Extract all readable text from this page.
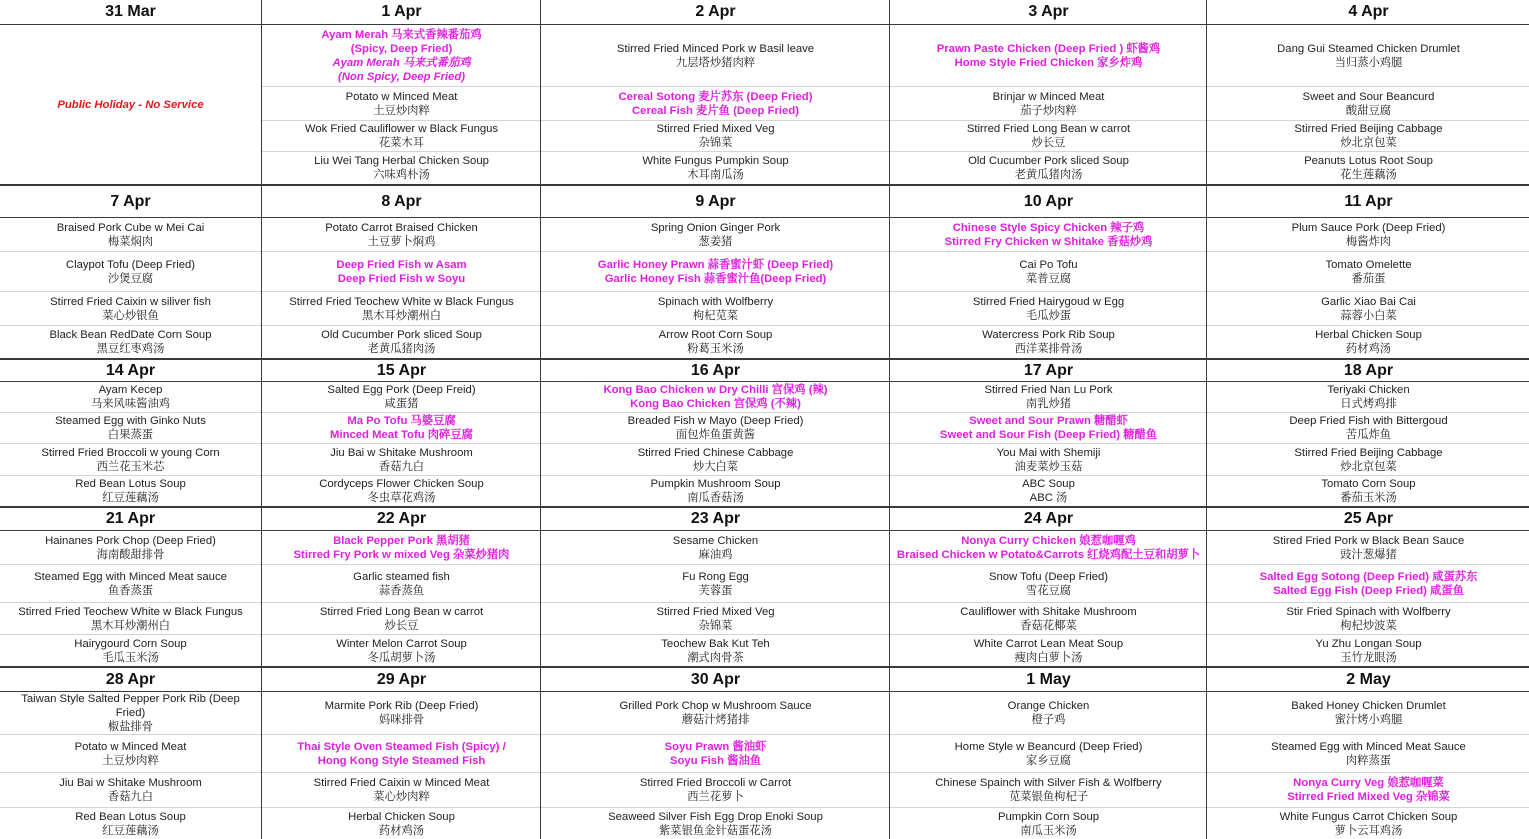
31 Mar
Public Holiday - No Service
7 Apr
Braised Pork Cube w Mei Cai
梅菜焖肉
Claypot Tofu (Deep Fried)
沙煲豆腐
Stirred Fried Caixin w siliver fish
菜心炒银鱼
Black Bean RedDate Corn Soup
黑豆红枣鸡汤
14 Apr
Ayam Kecep
马来风味酱油鸡
Steamed Egg with Ginko Nuts
白果蒸蛋
Stirred Fried Broccoli w young Corn
西兰花玉米芯
Red Bean Lotus Soup
红豆莲藕汤
21 Apr
Hainanes Pork Chop (Deep Fried)
海南酸甜排骨
Steamed Egg with Minced Meat sauce
鱼香蒸蛋
Stirred Fried Teochew White w Black Fungus
黑木耳炒潮州白
Hairygourd Corn Soup
毛瓜玉米汤
28 Apr
Taiwan Style Salted Pepper Pork Rib (Deep
Fried)
椒盐排骨
Potato w Minced Meat
土豆炒肉粹
Jiu Bai w Shitake Mushroom
香菇九白
Red Bean Lotus Soup
红豆莲藕汤
1 Apr
Ayam Merah 马来式香辣番茄鸡
(Spicy, Deep Fried)
Ayam Merah 马来式番茄鸡
(Non Spicy, Deep Fried)
Potato w Minced Meat
土豆炒肉粹
Wok Fried Cauliflower w Black Fungus
花菜木耳
Liu Wei Tang Herbal Chicken Soup
六味鸡朴汤
8 Apr
Potato Carrot Braised Chicken
土豆萝卜焖鸡
Deep Fried Fish w Asam
Deep Fried Fish w Soyu
Stirred Fried Teochew White w Black Fungus
黑木耳炒潮州白
Old Cucumber Pork sliced Soup
老黄瓜猪肉汤
15 Apr
Salted Egg Pork (Deep Freid)
咸蛋猪
Ma Po Tofu 马婆豆腐
Minced Meat Tofu 肉碎豆腐
Jiu Bai w Shitake Mushroom
香菇九白
Cordyceps Flower Chicken Soup
冬虫草花鸡汤
22 Apr
Black Pepper Pork 黑胡猪
Stirred Fry Pork w mixed Veg 杂菜炒猪肉
Garlic steamed fish
蒜香蒸鱼
Stirred Fried Long Bean w carrot
炒长豆
Winter Melon Carrot Soup
冬瓜胡萝卜汤
29 Apr
Marmite Pork Rib (Deep Fried)
妈咪排骨
Thai Style Oven Steamed Fish (Spicy) /
Hong Kong Style Steamed Fish
Stirred Fried Caixin w Minced Meat
菜心炒肉粹
Herbal Chicken Soup
药材鸡汤
2 Apr
Stirred Fried Minced Pork w Basil leave
九层塔炒猪肉粹
Cereal Sotong 麦片苏东 (Deep Fried)
Cereal Fish 麦片鱼 (Deep Fried)
Stirred Fried Mixed Veg
杂锦菜
White Fungus Pumpkin Soup
木耳南瓜汤
9 Apr
Spring Onion Ginger Pork
葱姜猪
Garlic Honey Prawn 蒜香蜜汁虾 (Deep Fried)
Garlic Honey Fish 蒜香蜜汁鱼(Deep Fried)
Spinach with Wolfberry
枸杞苋菜
Arrow Root Corn Soup
粉葛玉米汤
16 Apr
Kong Bao Chicken w Dry Chilli 宫保鸡 (辣)
Kong Bao Chicken 宫保鸡 (不辣)
Breaded Fish w Mayo (Deep Fried)
面包炸鱼蛋黄酱
Stirred Fried Chinese Cabbage
炒大白菜
Pumpkin Mushroom Soup
南瓜香菇汤
23 Apr
Sesame Chicken
麻油鸡
Fu Rong Egg
芙蓉蛋
Stirred Fried Mixed Veg
杂锦菜
Teochew Bak Kut Teh
潮式肉骨茶
30 Apr
Grilled Pork Chop w Mushroom Sauce
蘑菇汁烤猪排
Soyu Prawn 酱油虾
Soyu Fish 酱油鱼
Stirred Fried Broccoli w Carrot
西兰花萝卜
Seaweed Silver Fish Egg Drop Enoki Soup
紫菜银鱼金针菇蛋花汤
3 Apr
Prawn Paste Chicken (Deep Fried ) 虾酱鸡
Home Style Fried Chicken 家乡炸鸡
Brinjar w Minced Meat
茄子炒肉粹
Stirred Fried Long Bean w carrot
炒长豆
Old Cucumber Pork sliced Soup
老黄瓜猪肉汤
10 Apr
Chinese Style Spicy Chicken 辣子鸡
Stirred Fry Chicken w Shitake 香菇炒鸡
Cai Po Tofu
菜普豆腐
Stirred Fried Hairygoud w Egg
毛瓜炒蛋
Watercress Pork Rib Soup
西洋菜排骨汤
17 Apr
Stirred Fried Nan Lu Pork
南乳炒猪
Sweet and Sour Prawn 糖醋虾
Sweet and Sour Fish (Deep Fried) 糖醋鱼
You Mai with Shemiji
油麦菜炒玉菇
ABC Soup
ABC 汤
24 Apr
Nonya Curry Chicken 娘惹咖喱鸡
Braised Chicken w Potato&Carrots 红烧鸡配土豆和胡萝卜
Snow Tofu (Deep Fried)
雪花豆腐
Cauliflower with Shitake Mushroom
香菇花椰菜
White Carrot Lean Meat Soup
瘦肉白萝卜汤
1 May
Orange Chicken
橙子鸡
Home Style w Beancurd (Deep Fried)
家乡豆腐
Chinese Spainch with Silver Fish & Wolfberry
苋菜银鱼枸杞子
Pumpkin Corn Soup
南瓜玉米汤
4 Apr
Dang Gui Steamed Chicken Drumlet
当归蒸小鸡腿
Sweet and Sour Beancurd
酸甜豆腐
Stirred Fried Beijing Cabbage
炒北京包菜
Peanuts Lotus Root Soup
花生莲藕汤
11 Apr
Plum Sauce Pork (Deep Fried)
梅酱炸肉
Tomato Omelette
番茄蛋
Garlic Xiao Bai Cai
蒜蓉小白菜
Herbal Chicken Soup
药材鸡汤
18 Apr
Teriyaki Chicken
日式烤鸡排
Deep Fried Fish with Bittergoud
苦瓜炸鱼
Stirred Fried Beijing Cabbage
炒北京包菜
Tomato Corn Soup
番茄玉米汤
25 Apr
Stired Fried Pork w Black Bean Sauce
豉汁葱爆猪
Salted Egg Sotong (Deep Fried) 咸蛋苏东
Salted Egg Fish (Deep Fried) 咸蛋鱼
Stir Fried Spinach with Wolfberry
枸杞炒波菜
Yu Zhu Longan Soup
玉竹龙眼汤
2 May
Baked Honey Chicken Drumlet
蜜汁烤小鸡腿
Steamed Egg with Minced Meat Sauce
肉粹蒸蛋
Nonya Curry Veg 娘惹咖喱菜
Stirred Fried Mixed Veg 杂锦菜
White Fungus Carrot Chicken Soup
萝卜云耳鸡汤
